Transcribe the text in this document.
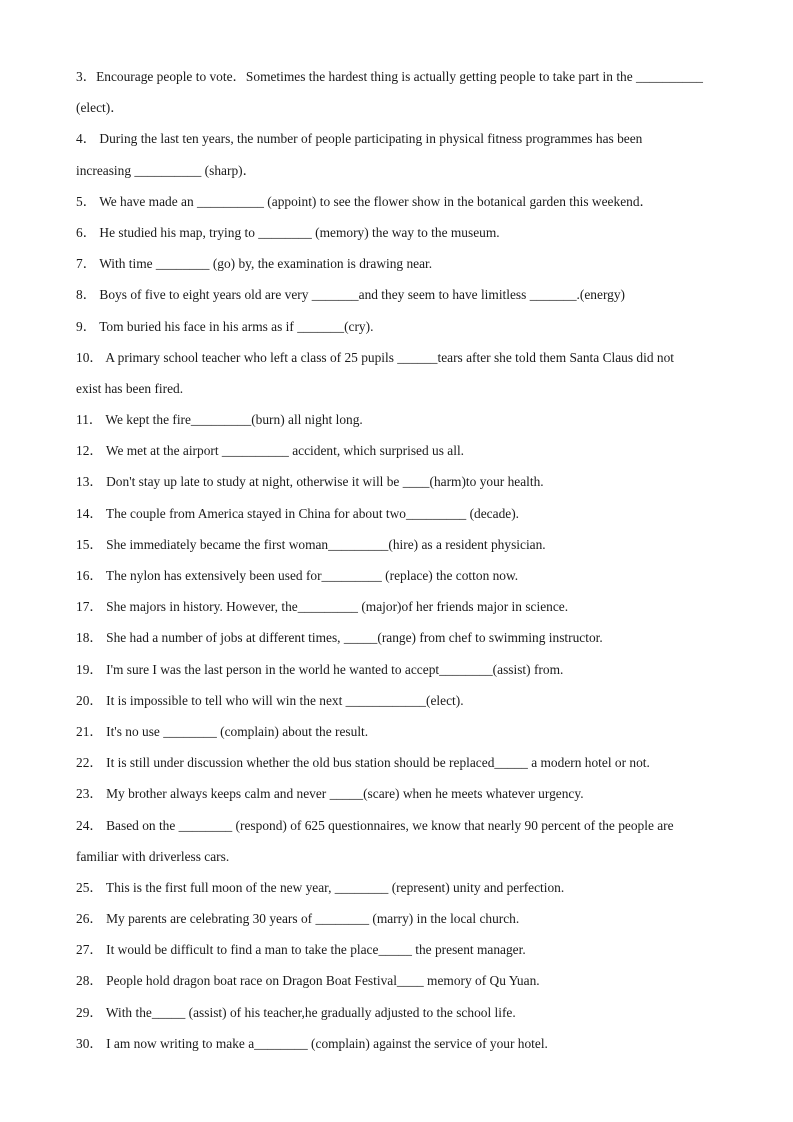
3．Encourage people to vote．Sometimes the hardest thing is actually getting people to take part in the __________
(elect)．
4． During the last ten years, the number of people participating in physical fitness programmes has been
increasing __________ (sharp)．
5． We have made an __________ (appoint) to see the flower show in the botanical garden this weekend．
6． He studied his map, trying to ________ (memory) the way to the museum.
7． With time ________ (go) by, the examination is drawing near.
8． Boys of five to eight years old are very _______and they seem to have limitless _______.(energy)
9． Tom buried his face in his arms as if _______(cry).
10． A primary school teacher who left a class of 25 pupils ______tears after she told them Santa Claus did not
exist has been fired.
11． We kept the fire_________(burn) all night long.
12． We met at the airport __________ accident, which surprised us all.
13． Don't stay up late to study at night, otherwise it will be ____(harm)to your health.
14． The couple from America stayed in China for about two_________ (decade).
15． She immediately became the first woman_________(hire) as a resident physician.
16． The nylon has extensively been used for_________ (replace) the cotton now.
17． She majors in history. However, the_________ (major)of her friends major in science.
18． She had a number of jobs at different times, _____(range) from chef to swimming instructor.
19． I'm sure I was the last person in the world he wanted to accept________(assist) from.
20． It is impossible to tell who will win the next ____________(elect).
21． It's no use ________ (complain) about the result.
22． It is still under discussion whether the old bus station should be replaced_____ a modern hotel or not.
23． My brother always keeps calm and never _____(scare) when he meets whatever urgency.
24． Based on the ________ (respond) of 625 questionnaires, we know that nearly 90 percent of the people are
familiar with driverless cars.
25． This is the first full moon of the new year, ________ (represent) unity and perfection.
26． My parents are celebrating 30 years of ________ (marry) in the local church.
27． It would be difficult to find a man to take the place_____ the present manager.
28． People hold dragon boat race on Dragon Boat Festival____ memory of Qu Yuan.
29． With the_____ (assist) of his teacher,he gradually adjusted to the school life.
30． I am now writing to make a________ (complain) against the service of your hotel.
